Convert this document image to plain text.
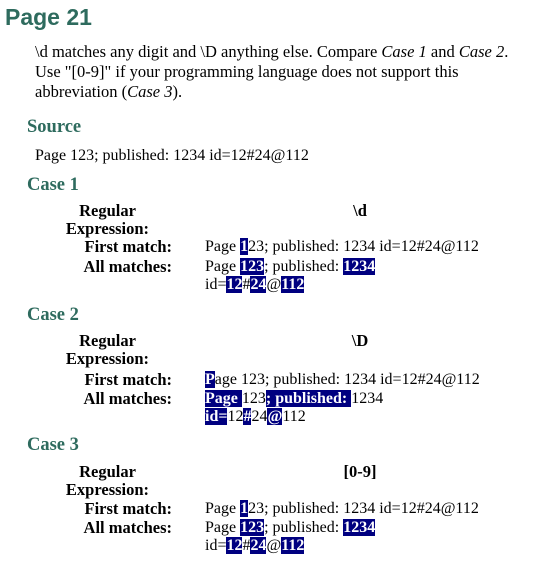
Page 21
\d matches any digit and \D anything else. Compare Case 1 and Case 2. Use "[0-9]" if your programming language does not support this abbreviation (Case 3).
Source
Page 123; published: 1234 id=12#24@112
Case 1
Regular Expression:
\d
First match: Page 123; published: 1234 id=12#24@112
All matches: Page 123; published: 1234
id=12#24@112
Case 2
Regular Expression:
\D
First match: Page 123; published: 1234 id=12#24@112
All matches: Page 123; published: 1234
id=12#24@112
Case 3
Regular Expression:
[0-9]
First match: Page 123; published: 1234 id=12#24@112
All matches: Page 123; published: 1234
id=12#24@112
